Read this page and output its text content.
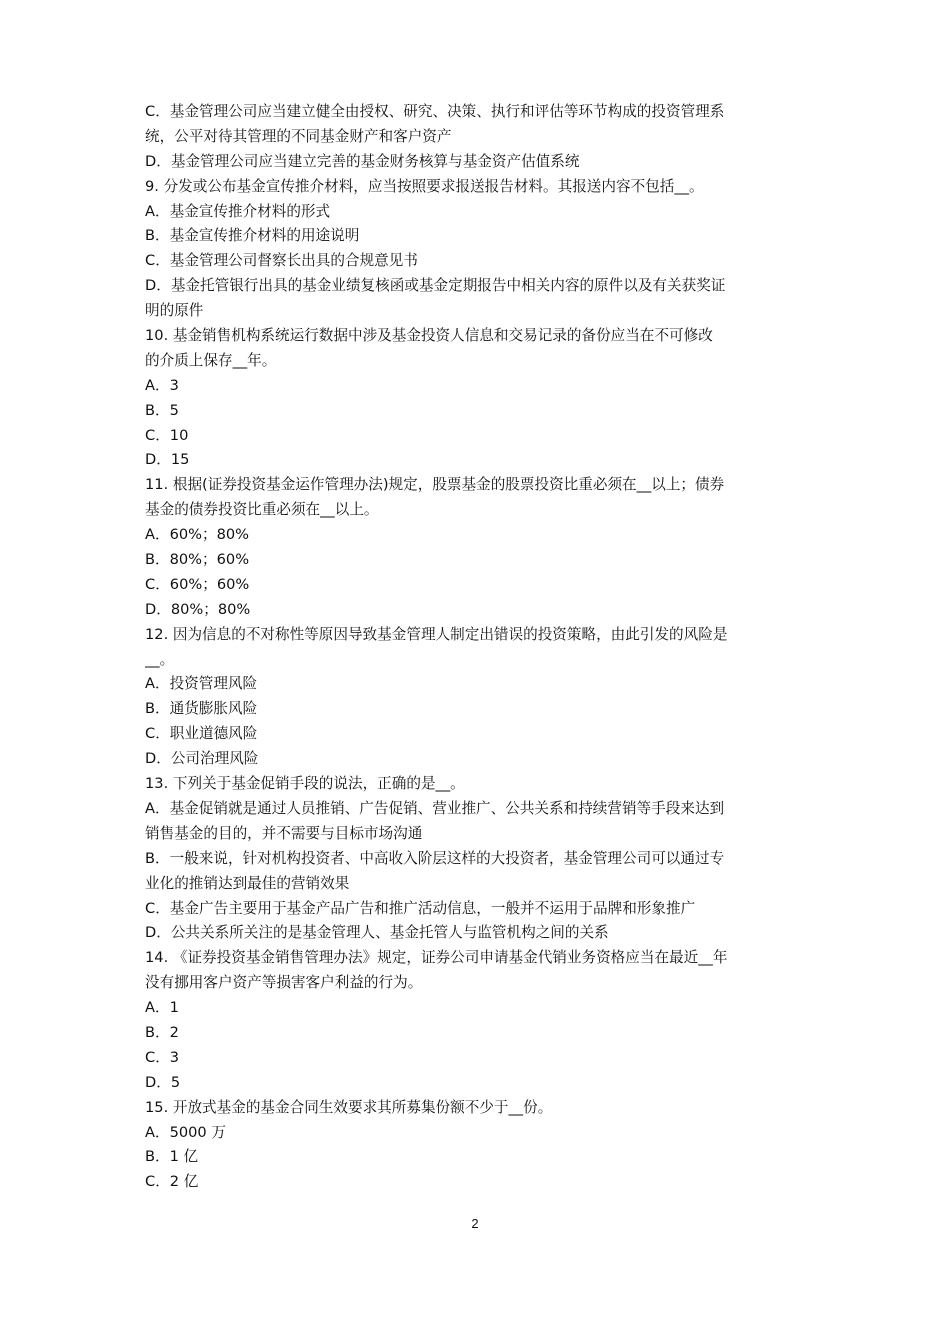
C．基金管理公司应当建立健全由授权、研究、决策、执行和评估等环节构成的投资管理系
统，公平对待其管理的不同基金财产和客户资产
D．基金管理公司应当建立完善的基金财务核算与基金资产估值系统
9. 分发或公布基金宣传推介材料，应当按照要求报送报告材料。其报送内容不包括__。
A．基金宣传推介材料的形式
B．基金宣传推介材料的用途说明
C．基金管理公司督察长出具的合规意见书
D．基金托管银行出具的基金业绩复核函或基金定期报告中相关内容的原件以及有关获奖证
明的原件
10. 基金销售机构系统运行数据中涉及基金投资人信息和交易记录的备份应当在不可修改
的介质上保存__年。
A．3
B．5
C．10
D．15
11. 根据(证券投资基金运作管理办法)规定，股票基金的股票投资比重必须在__以上；债券
基金的债券投资比重必须在__以上。
A．60%；80%
B．80%；60%
C．60%；60%
D．80%；80%
12. 因为信息的不对称性等原因导致基金管理人制定出错误的投资策略，由此引发的风险是
__。
A．投资管理风险
B．通货膨胀风险
C．职业道德风险
D．公司治理风险
13. 下列关于基金促销手段的说法，正确的是__。
A．基金促销就是通过人员推销、广告促销、营业推广、公共关系和持续营销等手段来达到
销售基金的目的，并不需要与目标市场沟通
B．一般来说，针对机构投资者、中高收入阶层这样的大投资者，基金管理公司可以通过专
业化的推销达到最佳的营销效果
C．基金广告主要用于基金产品广告和推广活动信息，一般并不运用于品牌和形象推广
D．公共关系所关注的是基金管理人、基金托管人与监管机构之间的关系
14. 《证券投资基金销售管理办法》规定，证券公司申请基金代销业务资格应当在最近__年
没有挪用客户资产等损害客户利益的行为。
A．1
B．2
C．3
D．5
15. 开放式基金的基金合同生效要求其所募集份额不少于__份。
A．5000 万
B．1 亿
C．2 亿
2
